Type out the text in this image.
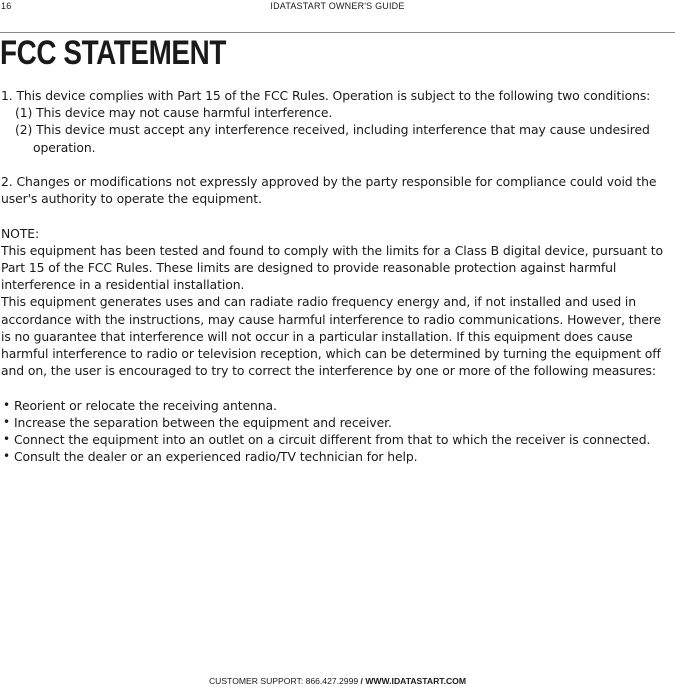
16	IDATASTART OWNER'S GUIDE
FCC STATEMENT

1. This device complies with Part 15 of the FCC Rules. Operation is subject to the following two conditions:

(1) This device may not cause harmful interference.

(2) This device must accept any interference received, including interference that may cause undesired operation.

2. Changes or modifications not expressly approved by the party responsible for compliance could void the user's authority to operate the equipment.

NOTE:

This equipment has been tested and found to comply with the limits for a Class B digital device, pursuant to Part 15 of the FCC Rules. These limits are designed to provide reasonable protection against harmful interference in a residential installation.

This equipment generates uses and can radiate radio frequency energy and, if not installed and used in accordance with the instructions, may cause harmful interference to radio communications. However, there is no guarantee that interference will not occur in a particular installation. If this equipment does cause harmful interference to radio or television reception, which can be determined by turning the equipment off and on, the user is encouraged to try to correct the interference by one or more of the following measures:

• Reorient or relocate the receiving antenna.
• Increase the separation between the equipment and receiver.
• Connect the equipment into an outlet on a circuit different from that to which the receiver is connected.
• Consult the dealer or an experienced radio/TV technician for help.
CUSTOMER SUPPORT: 866.427.2999 / WWW.IDATASTART.COM
